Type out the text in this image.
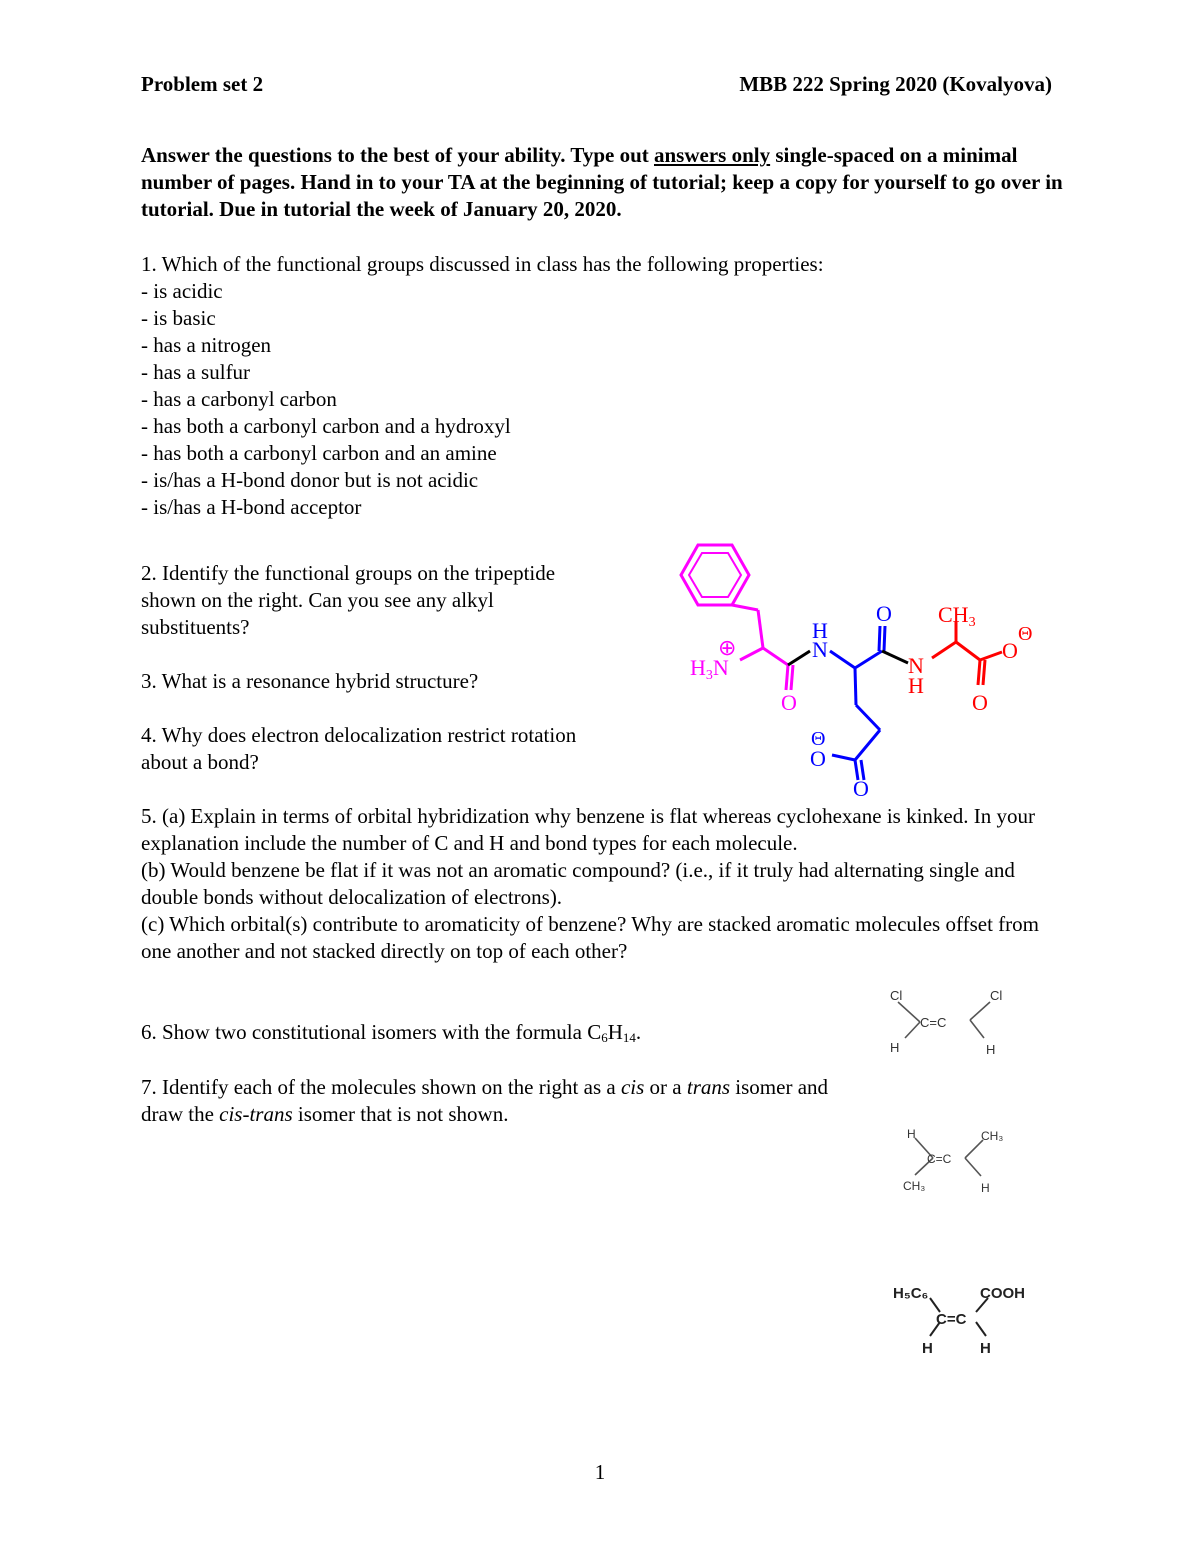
Problem set 2	MBB 222 Spring 2020 (Kovalyova)
Answer the questions to the best of your ability. Type out answers only single-spaced on a minimal number of pages. Hand in to your TA at the beginning of tutorial; keep a copy for yourself to go over in tutorial. Due in tutorial the week of January 20, 2020.
1. Which of the functional groups discussed in class has the following properties:
- is acidic
- is basic
- has a nitrogen
- has a sulfur
- has a carbonyl carbon
- has both a carbonyl carbon and a hydroxyl
- has both a carbonyl carbon and an amine
- is/has a H-bond donor but is not acidic
- is/has a H-bond acceptor
2. Identify the functional groups on the tripeptide shown on the right. Can you see any alkyl substituents?
3. What is a resonance hybrid structure?
4. Why does electron delocalization restrict rotation about a bond?
5. (a) Explain in terms of orbital hybridization why benzene is flat whereas cyclohexane is kinked. In your explanation include the number of C and H and bond types for each molecule.
(b) Would benzene be flat if it was not an aromatic compound? (i.e., if it truly had alternating single and double bonds without delocalization of electrons).
(c) Which orbital(s) contribute to aromaticity of benzene? Why are stacked aromatic molecules offset from one another and not stacked directly on top of each other?
6. Show two constitutional isomers with the formula $C_6H_{14}$.
7. Identify each of the molecules shown on the right as a cis or a trans isomer and draw the cis-trans isomer that is not shown.
⊕
H3N
O
H
N
O
O
Θ
O
CH3
N
H
O
O
Θ
Cl	Cl
H	H
C=C
H	CH₃
CH₃	H
C=C
H₅C₆	COOH
H	H
C=C
1
